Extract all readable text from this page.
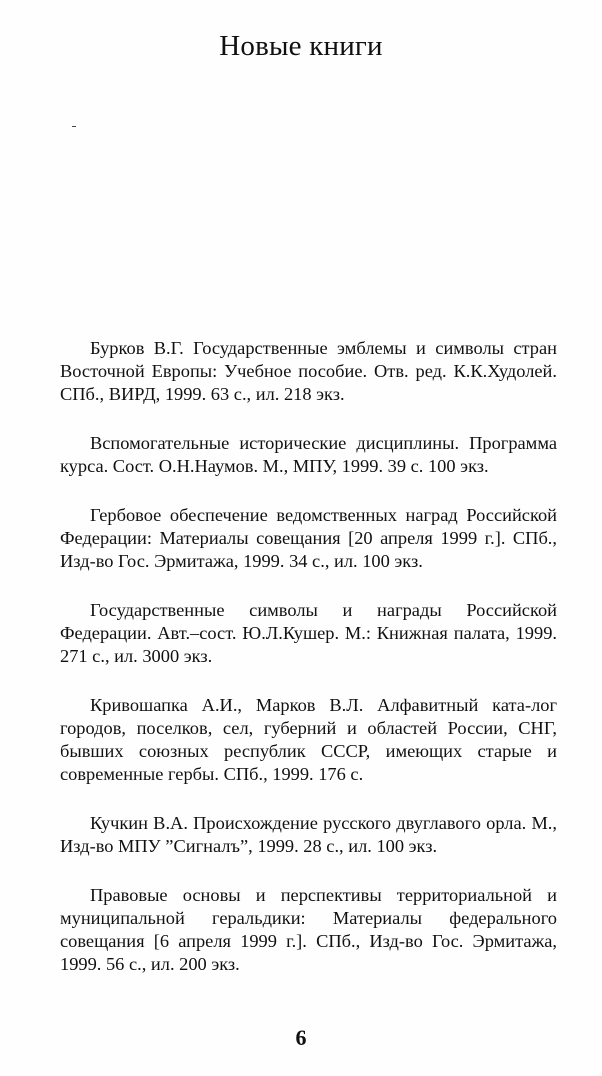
Новые книги

Бурков В.Г. Государственные эмблемы и символы стран Восточной Европы: Учебное пособие. Отв. ред. К.К.Худолей. СПб., ВИРД, 1999. 63 с., ил. 218 экз.

Вспомогательные исторические дисциплины. Программа курса. Сост. О.Н.Наумов. М., МПУ, 1999. 39 с. 100 экз.

Гербовое обеспечение ведомственных наград Российской Федерации: Материалы совещания [20 апреля 1999 г.]. СПб., Изд-во Гос. Эрмитажа, 1999. 34 с., ил. 100 экз.

Государственные символы и награды Российской Федерации. Авт.–сост. Ю.Л.Кушер. М.: Книжная палата, 1999. 271 с., ил. 3000 экз.

Кривошапка А.И., Марков В.Л. Алфавитный ката-лог городов, поселков, сел, губерний и областей России, СНГ, бывших союзных республик СССР, имеющих старые и современные гербы. СПб., 1999. 176 с.

Кучкин В.А. Происхождение русского двуглавого орла. М., Изд-во МПУ ”Сигналъ”, 1999. 28 с., ил. 100 экз.

Правовые основы и перспективы территориальной и муниципальной геральдики: Материалы федерального совещания [6 апреля 1999 г.]. СПб., Изд-во Гос. Эрмитажа, 1999. 56 с., ил. 200 экз.

6
